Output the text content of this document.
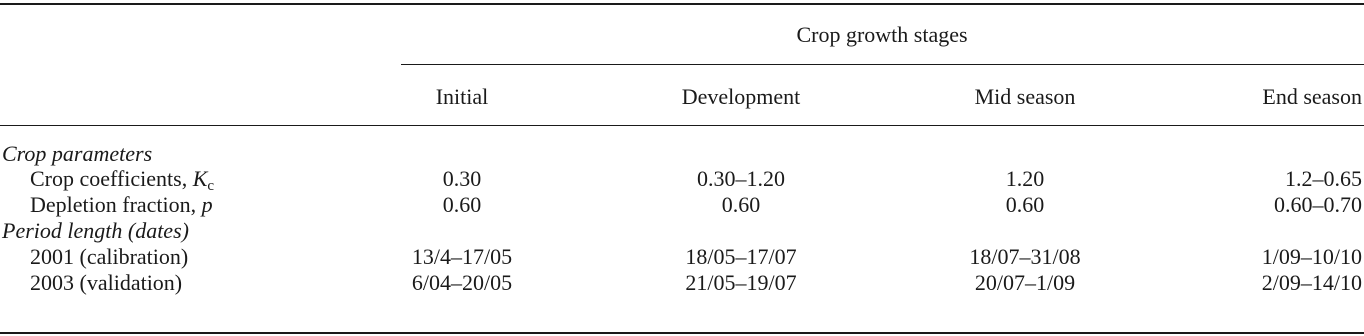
Crop growth stages
Initial	Development	Mid season	End season
Crop parameters
Crop coefficients, $K_c$	0.30	0.30–1.20	1.20	1.2–0.65
Depletion fraction, p	0.60	0.60	0.60	0.60–0.70
Period length (dates)
2001 (calibration)	13/4–17/05	18/05–17/07	18/07–31/08	1/09–10/10
2003 (validation)	6/04–20/05	21/05–19/07	20/07–1/09	2/09–14/10
